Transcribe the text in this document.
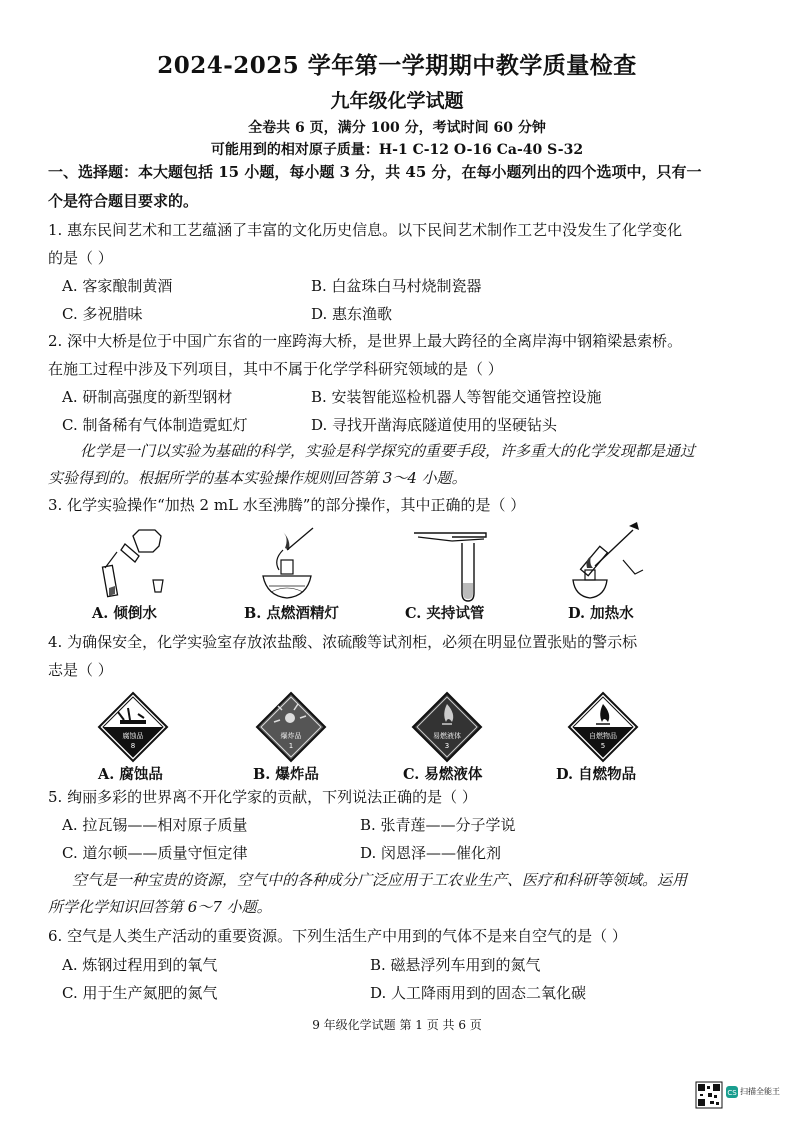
2024-2025 学年第一学期期中教学质量检查
九年级化学试题
全卷共 6 页，满分 100 分，考试时间 60 分钟
可能用到的相对原子质量：H-1 C-12 O-16 Ca-40 S-32
一、选择题：本大题包括 15 小题，每小题 3 分，共 45 分，在每小题列出的四个选项中，只有一
个是符合题目要求的。
1. 惠东民间艺术和工艺蕴涵了丰富的文化历史信息。以下民间艺术制作工艺中没发生了化学变化
的是（ ）
A. 客家酿制黄酒	B. 白盆珠白马村烧制瓷器
C. 多祝腊味	D. 惠东渔歌
2. 深中大桥是位于中国广东省的一座跨海大桥，是世界上最大跨径的全离岸海中钢箱梁悬索桥。
在施工过程中涉及下列项目，其中不属于化学学科研究领域的是（ ）
A. 研制高强度的新型钢材	B. 安装智能巡检机器人等智能交通管控设施
C. 制备稀有气体制造霓虹灯	D. 寻找开凿海底隧道使用的坚硬钻头
化学是一门以实验为基础的科学，实验是科学探究的重要手段，许多重大的化学发现都是通过
实验得到的。根据所学的基本实验操作规则回答第 3～4 小题。
3. 化学实验操作“加热 2 mL 水至沸腾”的部分操作，其中正确的是（ ）
A. 倾倒水	B. 点燃酒精灯	C. 夹持试管	D. 加热水
4. 为确保安全，化学实验室存放浓盐酸、浓硫酸等试剂柜，必须在明显位置张贴的警示标
志是（ ）
腐蚀品
8
爆炸品
1
易燃液体
3
自燃物品
5
A. 腐蚀品	B. 爆炸品	C. 易燃液体	D. 自燃物品
5. 绚丽多彩的世界离不开化学家的贡献，下列说法正确的是（ ）
A. 拉瓦锡——相对原子质量	B. 张青莲——分子学说
C. 道尔顿——质量守恒定律	D. 闵恩泽——催化剂
空气是一种宝贵的资源，空气中的各种成分广泛应用于工农业生产、医疗和科研等领域。运用
所学化学知识回答第 6～7 小题。
6. 空气是人类生产活动的重要资源。下列生活生产中用到的气体不是来自空气的是（ ）
A. 炼钢过程用到的氧气	B. 磁悬浮列车用到的氮气
C. 用于生产氮肥的氮气	D. 人工降雨用到的固态二氧化碳
9 年级化学试题 第 1 页 共 6 页
CS 扫描全能王
